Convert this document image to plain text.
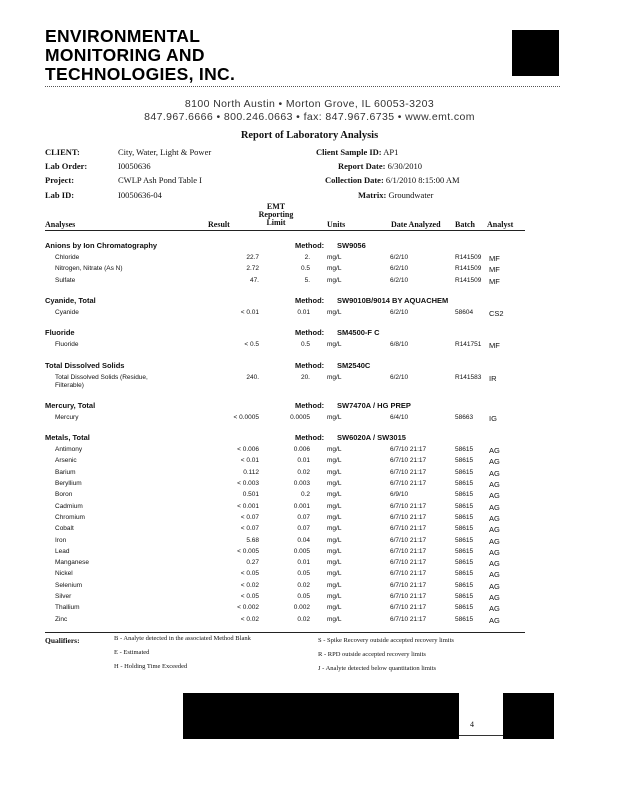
ENVIRONMENTAL
MONITORING AND
TECHNOLOGIES, INC.
8100 North Austin • Morton Grove, IL 60053-3203
847.967.6666 • 800.246.0663 • fax: 847.967.6735 • www.emt.com
Report of Laboratory Analysis
CLIENT:	City, Water, Light & Power
Lab Order:	I0050636
Project:	CWLP Ash Pond Table I
Lab ID:	I0050636-04
Client Sample ID: AP1
Report Date: 6/30/2010
Collection Date: 6/1/2010 8:15:00 AM
Matrix: Groundwater
Analyses	Result
EMT
Reporting
Limit	Units	Date Analyzed Batch Analyst
Anions by Ion Chromatography	Method: SW9056
Chloride	22.7	2.	mg/L	6/2/10	R141509 MF
Nitrogen, Nitrate (As N)	2.72	0.5	mg/L	6/2/10	R141509 MF
Sulfate	47.	5.	mg/L	6/2/10	R141509 MF
Cyanide, Total	Method: SW9010B/9014 BY AQUACHEM
Cyanide	< 0.01	0.01	mg/L	6/2/10	58604 CS2
Fluoride	Method: SM4500-F C
Fluoride	< 0.5	0.5	mg/L	6/8/10	R141751 MF
Total Dissolved Solids	Method: SM2540C
Total Dissolved Solids (Residue,	240.	20.	mg/L	6/2/10	R141583 IR
Filterable)
Mercury, Total	Method: SW7470A / HG PREP
Mercury	< 0.0005	0.0005	mg/L	6/4/10	58663 IG
Metals, Total	Method: SW6020A / SW3015
Antimony	< 0.006	0.006	mg/L	6/7/10 21:17	58615 AG
Arsenic	< 0.01	0.01	mg/L	6/7/10 21:17	58615 AG
Barium	0.112	0.02	mg/L	6/7/10 21:17	58615 AG
Beryllium	< 0.003	0.003	mg/L	6/7/10 21:17	58615 AG
Boron	0.501	0.2	mg/L	6/9/10	58615 AG
Cadmium	< 0.001	0.001	mg/L	6/7/10 21:17	58615 AG
Chromium	< 0.07	0.07	mg/L	6/7/10 21:17	58615 AG
Cobalt	< 0.07	0.07	mg/L	6/7/10 21:17	58615 AG
Iron	5.68	0.04	mg/L	6/7/10 21:17	58615 AG
Lead	< 0.005	0.005	mg/L	6/7/10 21:17	58615 AG
Manganese	0.27	0.01	mg/L	6/7/10 21:17	58615 AG
Nickel	< 0.05	0.05	mg/L	6/7/10 21:17	58615 AG
Selenium	< 0.02	0.02	mg/L	6/7/10 21:17	58615 AG
Silver	< 0.05	0.05	mg/L	6/7/10 21:17	58615 AG
Thallium	< 0.002	0.002	mg/L	6/7/10 21:17	58615 AG
Zinc	< 0.02	0.02	mg/L	6/7/10 21:17	58615 AG
Qualifiers:	B - Analyte detected in the associated Method Blank
E - Estimated
H - Holding Time Exceeded
S - Spike Recovery outside accepted recovery limits
R - RPD outside accepted recovery limits
J - Analyte detected below quantitation limits
4
